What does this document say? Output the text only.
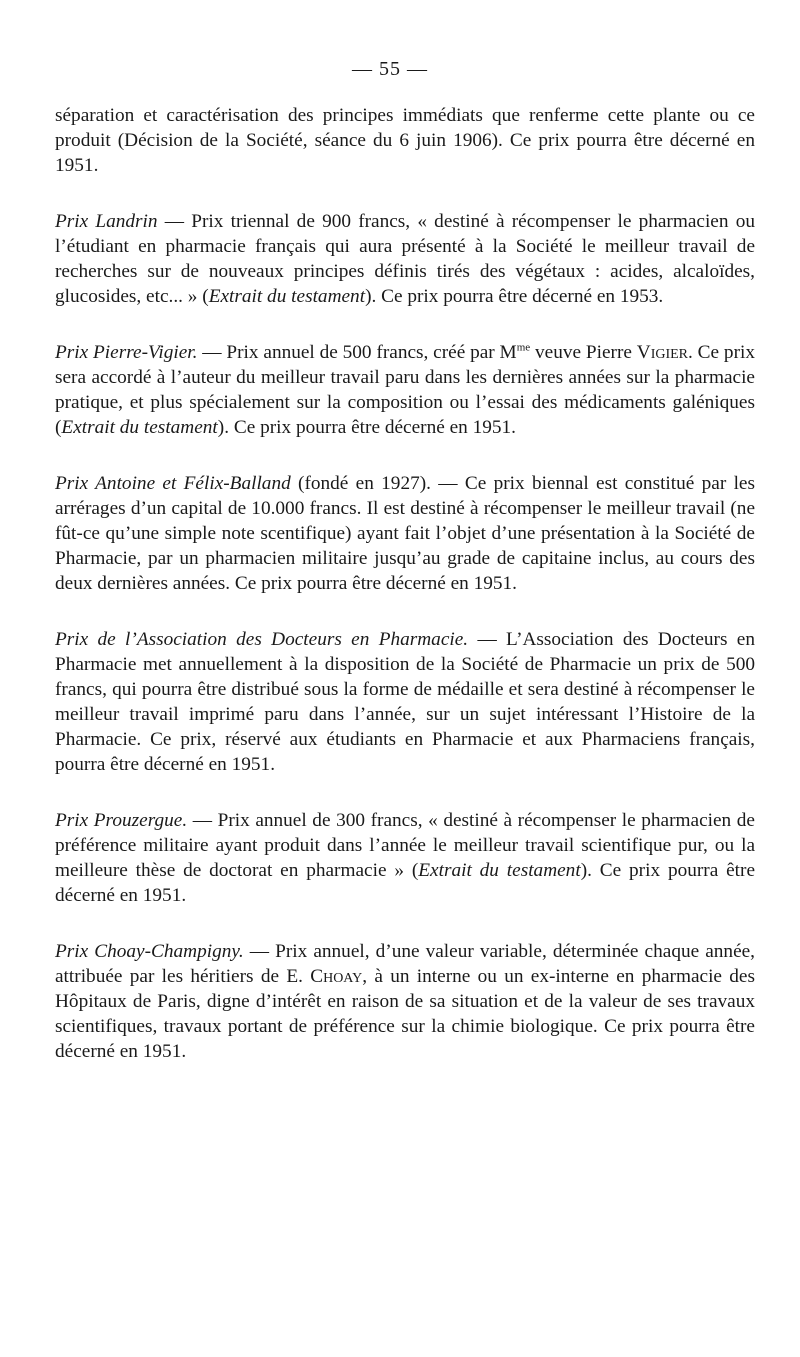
— 55 —

séparation et caractérisation des principes immédiats que renferme cette plante ou ce produit (Décision de la Société, séance du 6 juin 1906). Ce prix pourra être décerné en 1951.

Prix Landrin — Prix triennal de 900 francs, « destiné à récompenser le pharmacien ou l’étudiant en pharmacie français qui aura présenté à la Société le meilleur travail de recherches sur de nouveaux principes définis tirés des végétaux : acides, alcaloïdes, glucosides, etc... » (Extrait du testament). Ce prix pourra être décerné en 1953.

Prix Pierre-Vigier. — Prix annuel de 500 francs, créé par $M^{me}$ veuve Pierre Vigier. Ce prix sera accordé à l’auteur du meilleur travail paru dans les dernières années sur la pharmacie pratique, et plus spécialement sur la composition ou l’essai des médicaments galéniques (Extrait du testament). Ce prix pourra être décerné en 1951.

Prix Antoine et Félix-Balland (fondé en 1927). — Ce prix biennal est constitué par les arrérages d’un capital de 10.000 francs. Il est destiné à récompenser le meilleur travail (ne fût-ce qu’une simple note scentifique) ayant fait l’objet d’une présentation à la Société de Pharmacie, par un pharmacien militaire jusqu’au grade de capitaine inclus, au cours des deux dernières années. Ce prix pourra être décerné en 1951.

Prix de l’Association des Docteurs en Pharmacie. — L’Association des Docteurs en Pharmacie met annuellement à la disposition de la Société de Pharmacie un prix de 500 francs, qui pourra être distribué sous la forme de médaille et sera destiné à récompenser le meilleur travail imprimé paru dans l’année, sur un sujet intéressant l’Histoire de la Pharmacie. Ce prix, réservé aux étudiants en Pharmacie et aux Pharmaciens français, pourra être décerné en 1951.

Prix Prouzergue. — Prix annuel de 300 francs, « destiné à récompenser le pharmacien de préférence militaire ayant produit dans l’année le meilleur travail scientifique pur, ou la meilleure thèse de doctorat en pharmacie » (Extrait du testament). Ce prix pourra être décerné en 1951.

Prix Choay-Champigny. — Prix annuel, d’une valeur variable, déterminée chaque année, attribuée par les héritiers de E. Choay, à un interne ou un ex-interne en pharmacie des Hôpitaux de Paris, digne d’intérêt en raison de sa situation et de la valeur de ses travaux scientifiques, travaux portant de préférence sur la chimie biologique. Ce prix pourra être décerné en 1951.
